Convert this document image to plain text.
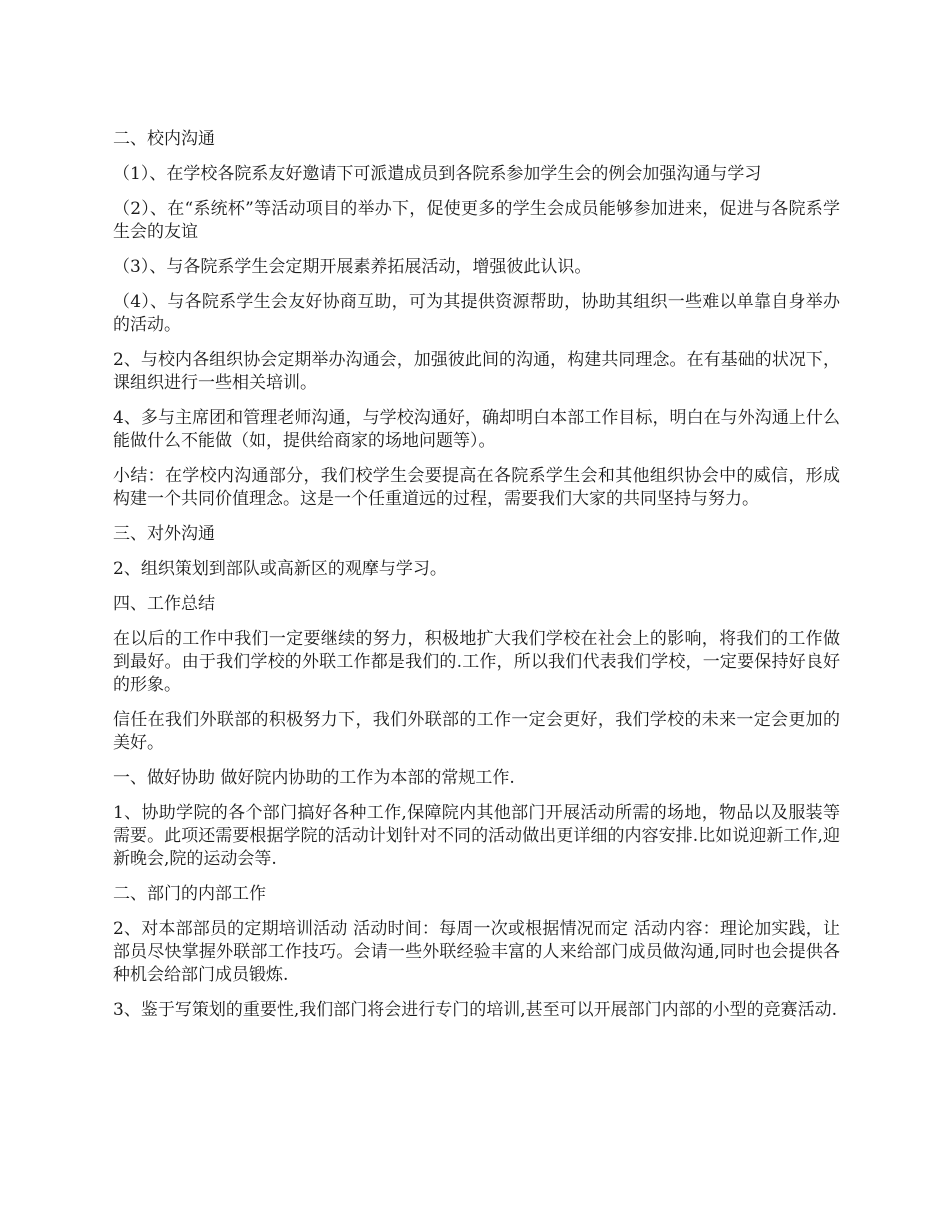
二、校内沟通

（1）、在学校各院系友好邀请下可派遣成员到各院系参加学生会的例会加强沟通与学习

（2）、在“系统杯”等活动项目的举办下，促使更多的学生会成员能够参加进来，促进与各院系学生会的友谊

（3）、与各院系学生会定期开展素养拓展活动，增强彼此认识。

（4）、与各院系学生会友好协商互助，可为其提供资源帮助，协助其组织一些难以单靠自身举办的活动。

2、与校内各组织协会定期举办沟通会，加强彼此间的沟通，构建共同理念。在有基础的状况下，课组织进行一些相关培训。

4、多与主席团和管理老师沟通，与学校沟通好，确却明白本部工作目标，明白在与外沟通上什么能做什么不能做（如，提供给商家的场地问题等）。

小结：在学校内沟通部分，我们校学生会要提高在各院系学生会和其他组织协会中的威信，形成构建一个共同价值理念。这是一个任重道远的过程，需要我们大家的共同坚持与努力。

三、对外沟通

2、组织策划到部队或高新区的观摩与学习。

四、工作总结

在以后的工作中我们一定要继续的努力，积极地扩大我们学校在社会上的影响，将我们的工作做到最好。由于我们学校的外联工作都是我们的.工作，所以我们代表我们学校，一定要保持好良好的形象。

信任在我们外联部的积极努力下，我们外联部的工作一定会更好，我们学校的未来一定会更加的美好。

一、做好协助 做好院内协助的工作为本部的常规工作.

1、协助学院的各个部门搞好各种工作,保障院内其他部门开展活动所需的场地，物品以及服装等需要。此项还需要根据学院的活动计划针对不同的活动做出更详细的内容安排.比如说迎新工作,迎新晚会,院的运动会等.

二、部门的内部工作

2、对本部部员的定期培训活动 活动时间：每周一次或根据情况而定 活动内容：理论加实践，让部员尽快掌握外联部工作技巧。会请一些外联经验丰富的人来给部门成员做沟通,同时也会提供各种机会给部门成员锻炼.

3、鉴于写策划的重要性,我们部门将会进行专门的培训,甚至可以开展部门内部的小型的竞赛活动.
